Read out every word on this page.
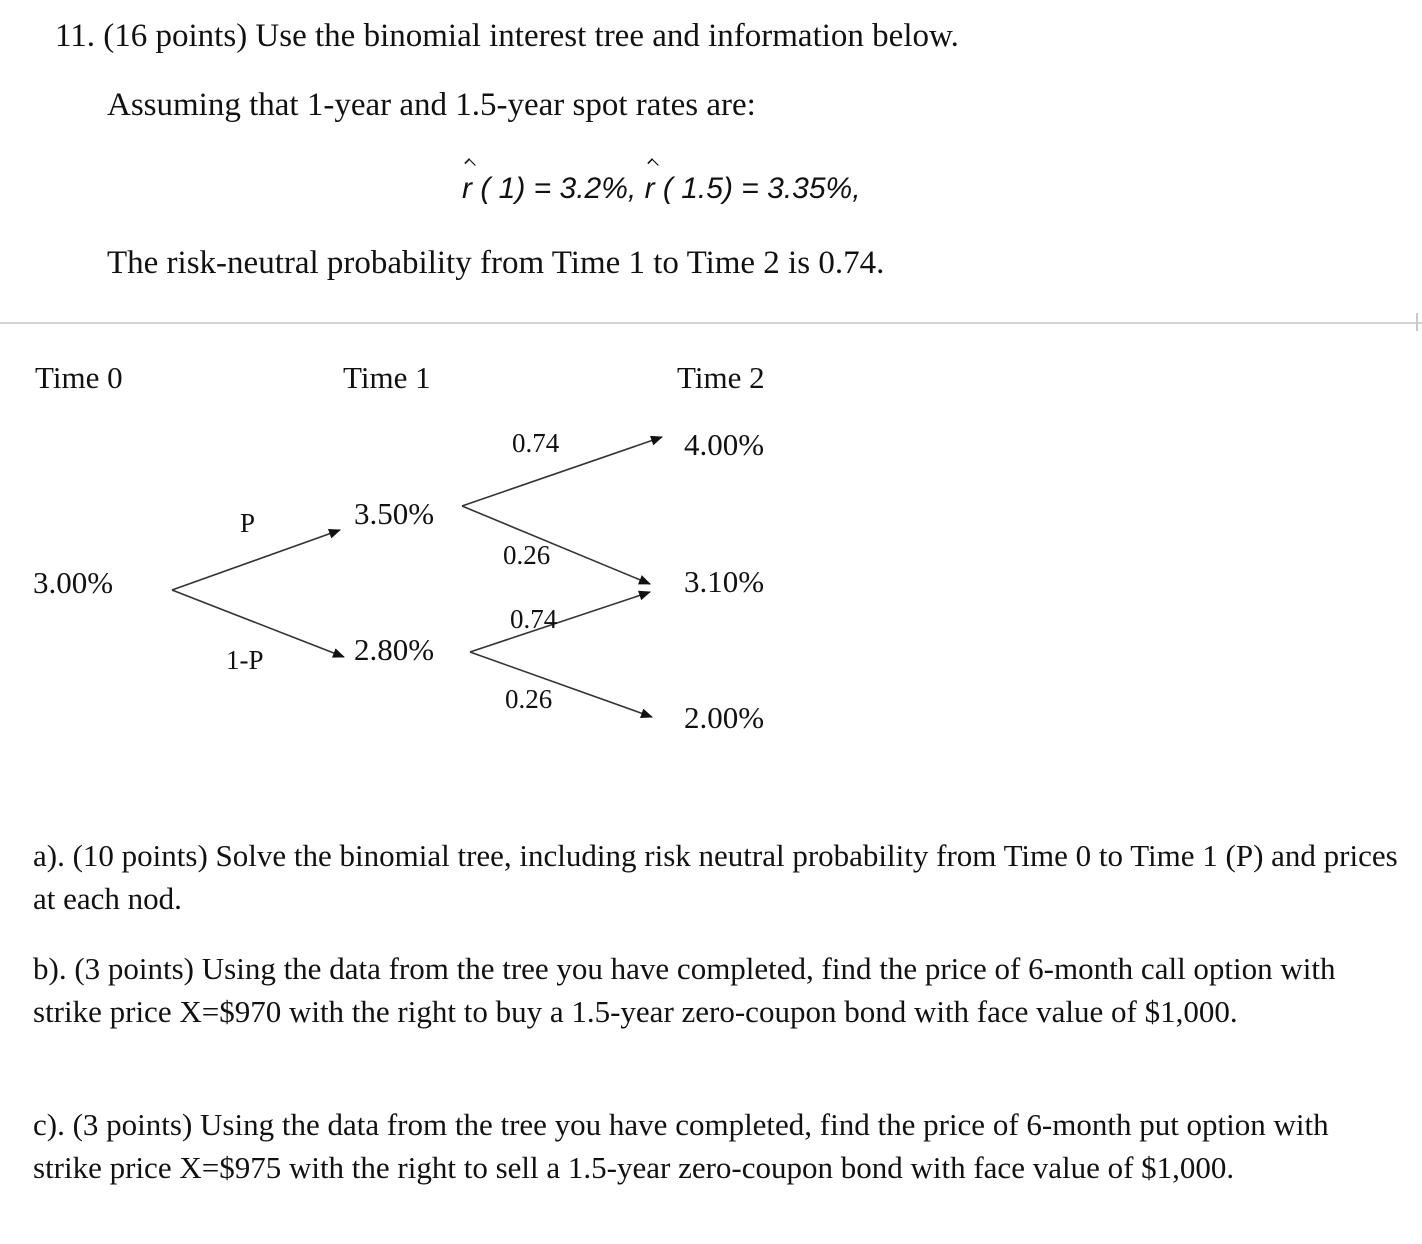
11. (16 points) Use the binomial interest tree and information below.
Assuming that 1-year and 1.5-year spot rates are:
r ( 1) = 3.2%, r ( 1.5) = 3.35%,
The risk-neutral probability from Time 1 to Time 2 is 0.74.
Time 0	Time 1	Time 2
3.00%
3.50%
2.80%
4.00%
3.10%
2.00%
P
1-P
0.74
0.26
0.74
0.26
a). (10 points) Solve the binomial tree, including risk neutral probability from Time 0 to Time 1 (P) and prices at each nod.
b). (3 points) Using the data from the tree you have completed, find the price of 6-month call option with strike price X=$970 with the right to buy a 1.5-year zero-coupon bond with face value of $1,000.
c). (3 points) Using the data from the tree you have completed, find the price of 6-month put option with strike price X=$975 with the right to sell a 1.5-year zero-coupon bond with face value of $1,000.
